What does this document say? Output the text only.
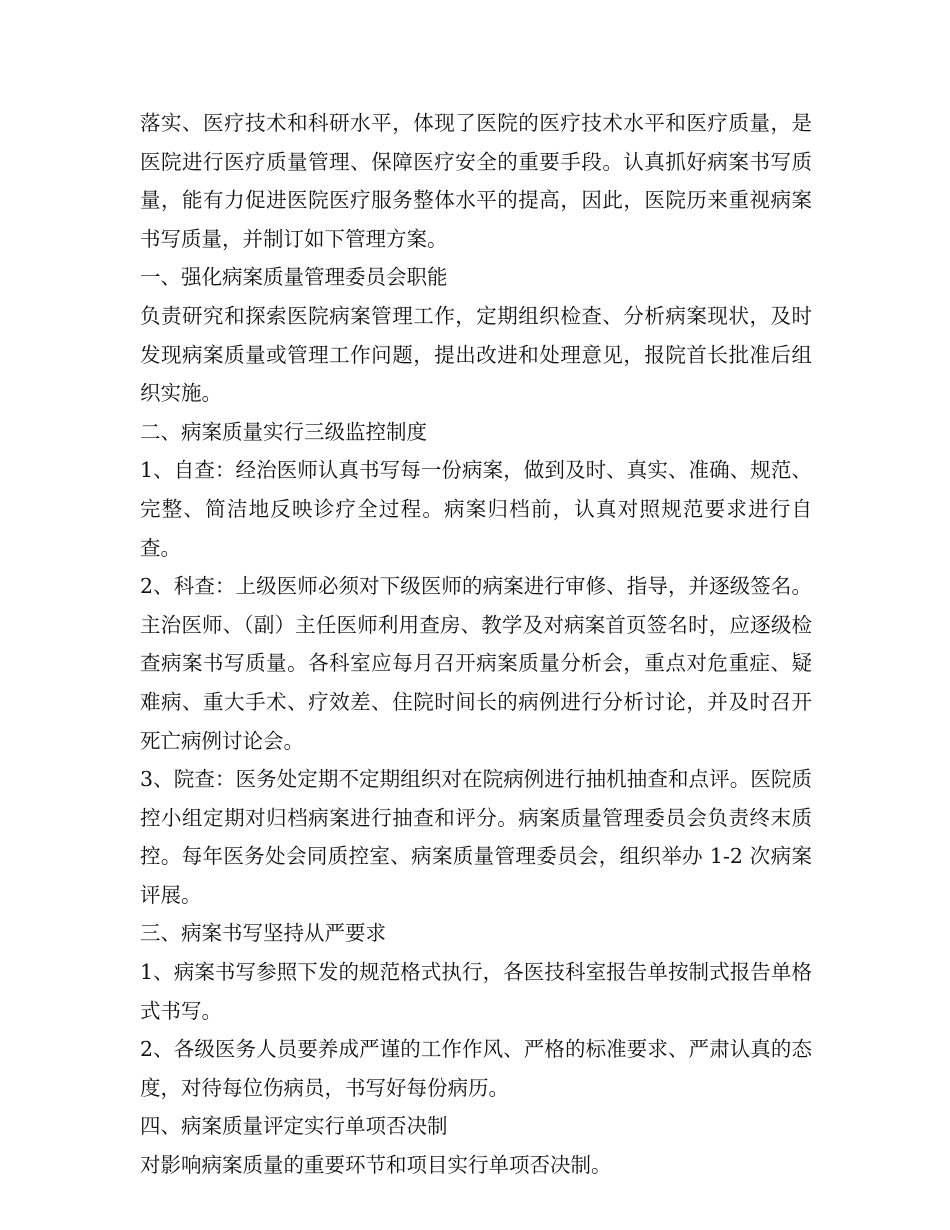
落实、医疗技术和科研水平，体现了医院的医疗技术水平和医疗质量，是医院进行医疗质量管理、保障医疗安全的重要手段。认真抓好病案书写质量，能有力促进医院医疗服务整体水平的提高，因此，医院历来重视病案书写质量，并制订如下管理方案。

一、强化病案质量管理委员会职能

负责研究和探索医院病案管理工作，定期组织检查、分析病案现状，及时发现病案质量或管理工作问题，提出改进和处理意见，报院首长批准后组织实施。

二、病案质量实行三级监控制度

1、自查：经治医师认真书写每一份病案，做到及时、真实、准确、规范、完整、简洁地反映诊疗全过程。病案归档前，认真对照规范要求进行自查。

2、科查：上级医师必须对下级医师的病案进行审修、指导，并逐级签名。主治医师、（副）主任医师利用查房、教学及对病案首页签名时，应逐级检查病案书写质量。各科室应每月召开病案质量分析会，重点对危重症、疑难病、重大手术、疗效差、住院时间长的病例进行分析讨论，并及时召开死亡病例讨论会。

3、院查：医务处定期不定期组织对在院病例进行抽机抽查和点评。医院质控小组定期对归档病案进行抽查和评分。病案质量管理委员会负责终末质控。每年医务处会同质控室、病案质量管理委员会，组织举办 1-2 次病案评展。

三、病案书写坚持从严要求

1、病案书写参照下发的规范格式执行，各医技科室报告单按制式报告单格式书写。

2、各级医务人员要养成严谨的工作作风、严格的标准要求、严肃认真的态度，对待每位伤病员，书写好每份病历。

四、病案质量评定实行单项否决制

对影响病案质量的重要环节和项目实行单项否决制。
